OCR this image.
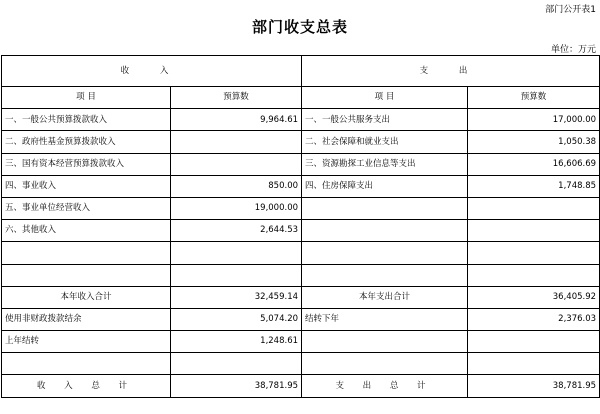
部门公开表1
部门收支总表
单位：万元
收 入		支 出	
项 目	预算数	项 目	预算数
一、一般公共预算拨款收入	9,964.61	一、一般公共服务支出	17,000.00
二、政府性基金预算拨款收入		二、社会保障和就业支出	1,050.38
三、国有资本经营预算拨款收入		三、资源勘探工业信息等支出	16,606.69
四、事业收入	850.00	四、住房保障支出	1,748.85
五、事业单位经营收入	19,000.00		
六、其他收入	2,644.53		

本年收入合计	32,459.14	本年支出合计	36,405.92
使用非财政拨款结余	5,074.20	结转下年	2,376.03
上年结转	1,248.61		

收 入 总 计	38,781.95	支 出 总 计	38,781.95
